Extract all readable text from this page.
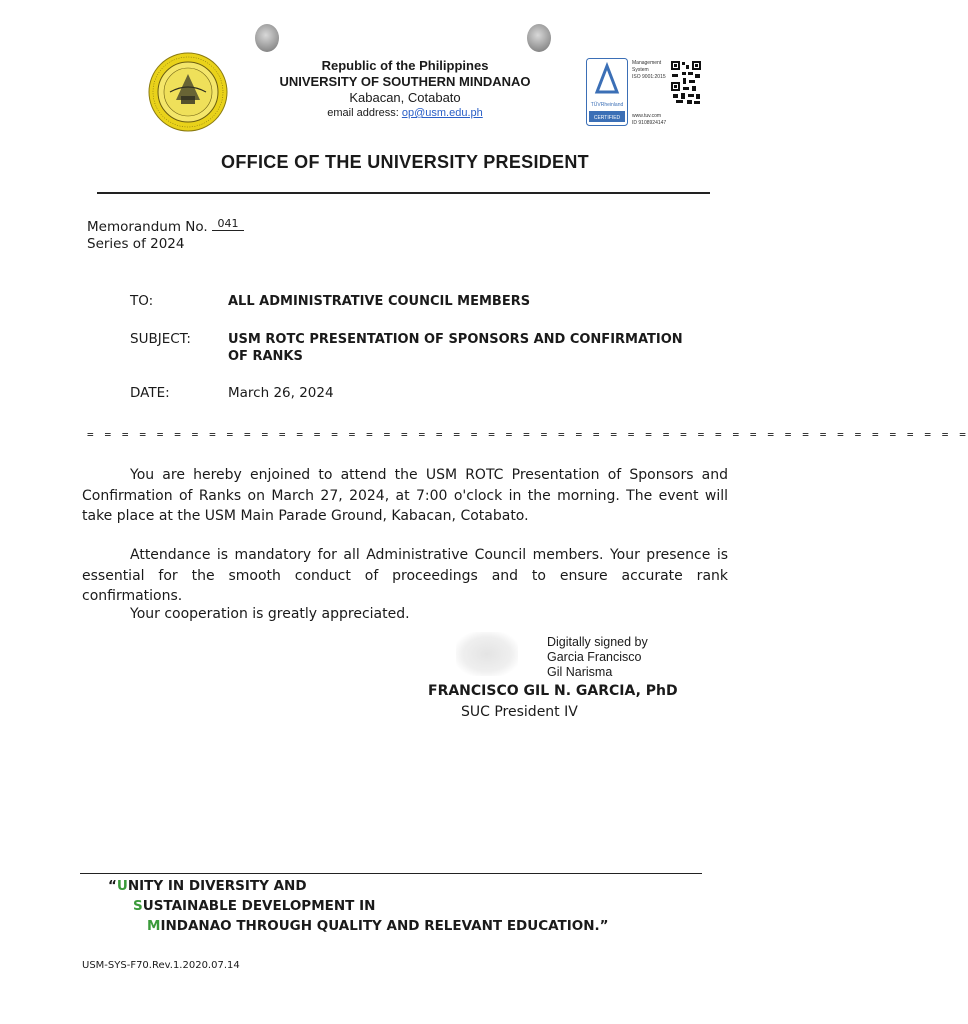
Republic of the Philippines
UNIVERSITY OF SOUTHERN MINDANAO
Kabacan, Cotabato
email address: op@usm.edu.ph
TÜVRheinland
CERTIFIED
Management
System
ISO 9001:2015
www.tuv.com
ID 9108924147
OFFICE OF THE UNIVERSITY PRESIDENT
Memorandum No. 041
Series of 2024
TO:	ALL ADMINISTRATIVE COUNCIL MEMBERS
SUBJECT:	USM ROTC PRESENTATION OF SPONSORS AND CONFIRMATION OF RANKS
DATE:	March 26, 2024
= = = = = = = = = = = = = = = = = = = = = = = = = = = = = = = = = = = = = = = = = = = = = = = = = = =
You are hereby enjoined to attend the USM ROTC Presentation of Sponsors and Confirmation of Ranks on March 27, 2024, at 7:00 o'clock in the morning. The event will take place at the USM Main Parade Ground, Kabacan, Cotabato.
Attendance is mandatory for all Administrative Council members. Your presence is essential for the smooth conduct of proceedings and to ensure accurate rank confirmations.
Your cooperation is greatly appreciated.
Digitally signed by
Garcia Francisco
Gil Narisma
FRANCISCO GIL N. GARCIA, PhD
SUC President IV
“UNITY IN DIVERSITY AND
SUSTAINABLE DEVELOPMENT IN
MINDANAO THROUGH QUALITY AND RELEVANT EDUCATION.”
USM-SYS-F70.Rev.1.2020.07.14
